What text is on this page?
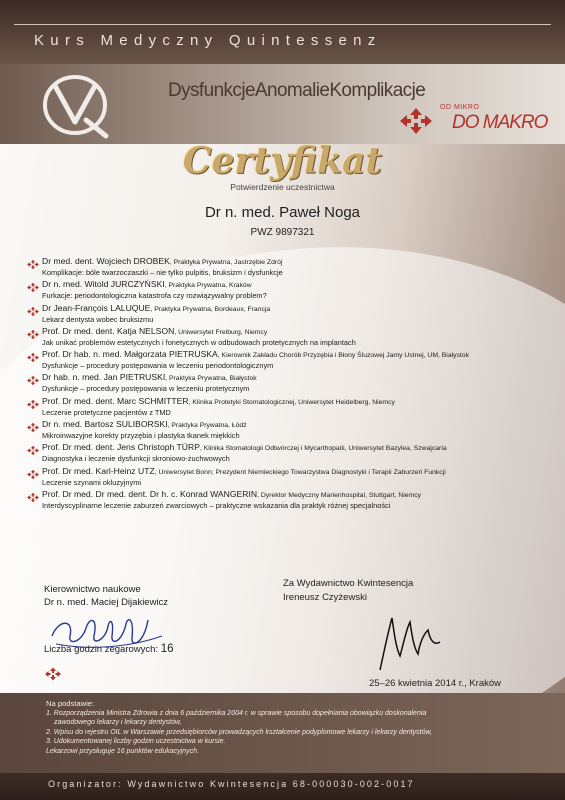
Kurs Medyczny Quintessenz
DysfunkcjeAnomalieKomplikacje
OD MIKRO
DO MAKRO
Certyfikat
Potwierdzenie uczestnictwa
Dr n. med. Paweł Noga
PWZ 9897321
Dr med. dent. Wojciech DROBEK, Praktyka Prywatna, Jastrzębie Zdrój
Komplikacje: bóle twarzoczaszki – nie tylko pulpitis, bruksizm i dysfunkcje
Dr n. med. Witold JURCZYŃSKI, Praktyka Prywatna, Kraków
Furkacje: periodontologiczna katastrofa czy rozwiązywalny problem?
Dr Jean-François LALUQUE, Praktyka Prywatna, Bordeaux, Francja
Lekarz dentysta wobec bruksizmu
Prof. Dr med. dent. Katja NELSON, Uniwersytet Freiburg, Niemcy
Jak unikać problemów estetycznych i fonetycznych w odbudowach protetycznych na implantach
Prof. Dr hab. n. med. Małgorzata PIETRUSKA, Kierownik Zakładu Chorób Przyzębia i Błony Śluzowej Jamy Ustnej, UM, Białystok
Dysfunkcje – procedury postępowania w leczeniu periodontologicznym
Dr hab. n. med. Jan PIETRUSKI, Praktyka Prywatna, Białystok
Dysfunkcje – procedury postępowania w leczeniu protetycznym
Prof. Dr med. dent. Marc SCHMITTER, Klinika Protetyki Stomatologicznej, Uniwersytet Heidelberg, Niemcy
Leczenie protetyczne pacjentów z TMD
Dr n. med. Bartosz SULIBORSKI, Praktyka Prywatna, Łódź
Mikroinwazyjne korekty przyzębia i plastyka tkanek miękkich
Prof. Dr med. dent. Jens Christoph TÜRP, Klinika Stomatologii Odtwórczej i Mycarthopatii, Uniwersytet Bazylea, Szwajcaria
Diagnostyka i leczenie dysfunkcji skroniowo-żuchwowych
Prof. Dr med. Karl-Heinz UTZ, Uniwersytet Bonn; Prezydent Niemieckiego Towarzystwa Diagnostyki i Terapii Zaburzeń Funkcji
Leczenie szynami okluzyjnymi
Prof. Dr med. Dr med. dent. Dr h. c. Konrad WANGERIN, Dyrektor Medyczny Marienhospital, Stuttgart, Niemcy
Interdyscyplinarne leczenie zaburzeń zwarciowych – praktyczne wskazania dla praktyk różnej specjalności
Kierownictwo naukowe
Dr n. med. Maciej Dijakiewicz
Za Wydawnictwo Kwintesencja
Ireneusz Czyżewski
Liczba godzin zegarowych: 16
25–26 kwietnia 2014 r., Kraków
Na podstawie:
1. Rozporządzenia Ministra Zdrowia z dnia 6 października 2004 r. w sprawie sposobu dopełniania obowiązku doskonalenia
zawodowego lekarzy i lekarzy dentystów,
2. Wpisu do rejestru OIL w Warszawie przedsiębiorców prowadzących kształcenie podyplomowe lekarzy i lekarzy dentystów,
3. Udokumentowanej liczby godzin uczestnictwa w kursie.
Lekarzowi przysługuje 16 punktów edukacyjnych.
Organizator: Wydawnictwo Kwintesencja 68-000030-002-0017
